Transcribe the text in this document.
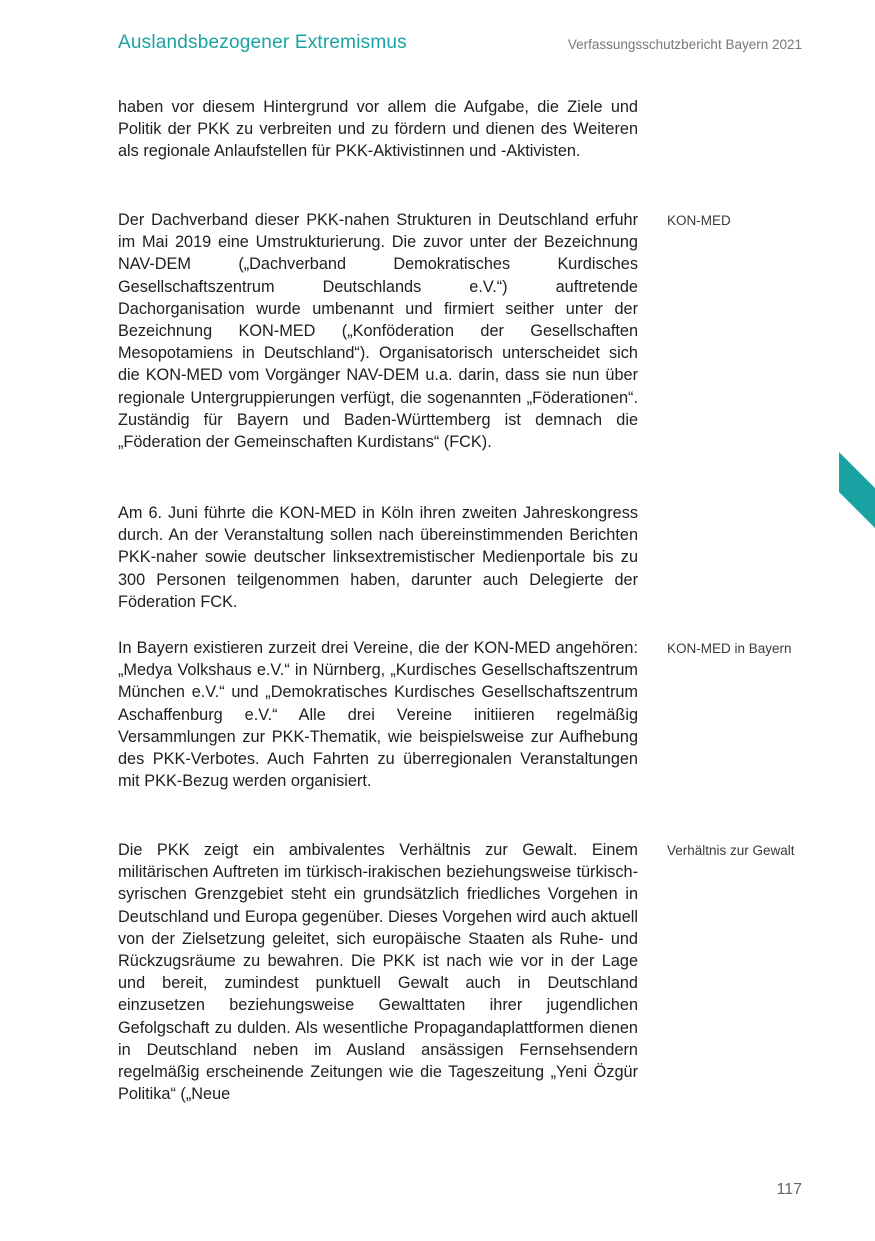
Auslandsbezogener Extremismus	Verfassungsschutzbericht Bayern 2021

haben vor diesem Hintergrund vor allem die Aufgabe, die Ziele und Politik der PKK zu verbreiten und zu fördern und dienen des Weiteren als regionale Anlaufstellen für PKK-Aktivistinnen und -Aktivisten.

Der Dachverband dieser PKK-nahen Strukturen in Deutschland erfuhr im Mai 2019 eine Umstrukturierung. Die zuvor unter der Bezeichnung NAV-DEM („Dachverband Demokratisches Kurdisches Gesellschaftszentrum Deutschlands e.V.“) auftretende Dachorganisation wurde umbenannt und firmiert seither unter der Bezeichnung KON-MED („Konföderation der Gesellschaften Mesopotamiens in Deutschland“). Organisatorisch unterscheidet sich die KON-MED vom Vorgänger NAV-DEM u.a. darin, dass sie nun über regionale Untergruppierungen verfügt, die sogenannten „Föderationen“. Zuständig für Bayern und Baden-Württemberg ist demnach die „Föderation der Gemeinschaften Kurdistans“ (FCK).

KON-MED

Am 6. Juni führte die KON-MED in Köln ihren zweiten Jahreskongress durch. An der Veranstaltung sollen nach übereinstimmenden Berichten PKK-naher sowie deutscher linksextremistischer Medienportale bis zu 300 Personen teilgenommen haben, darunter auch Delegierte der Föderation FCK.

In Bayern existieren zurzeit drei Vereine, die der KON-MED angehören: „Medya Volkshaus e.V.“ in Nürnberg, „Kurdisches Gesellschaftszentrum München e.V.“ und „Demokratisches Kurdisches Gesellschaftszentrum Aschaffenburg e.V.“ Alle drei Vereine initiieren regelmäßig Versammlungen zur PKK-Thematik, wie beispielsweise zur Aufhebung des PKK-Verbotes. Auch Fahrten zu überregionalen Veranstaltungen mit PKK-Bezug werden organisiert.

KON-MED in Bayern

Die PKK zeigt ein ambivalentes Verhältnis zur Gewalt. Einem militärischen Auftreten im türkisch-irakischen beziehungsweise türkisch-syrischen Grenzgebiet steht ein grundsätzlich friedliches Vorgehen in Deutschland und Europa gegenüber. Dieses Vorgehen wird auch aktuell von der Zielsetzung geleitet, sich europäische Staaten als Ruhe- und Rückzugsräume zu bewahren. Die PKK ist nach wie vor in der Lage und bereit, zumindest punktuell Gewalt auch in Deutschland einzusetzen beziehungsweise Gewalttaten ihrer jugendlichen Gefolgschaft zu dulden. Als wesentliche Propagandaplattformen dienen in Deutschland neben im Ausland ansässigen Fernsehsendern regelmäßig erscheinende Zeitungen wie die Tageszeitung „Yeni Özgür Politika“ („Neue

Verhältnis zur Gewalt
117
